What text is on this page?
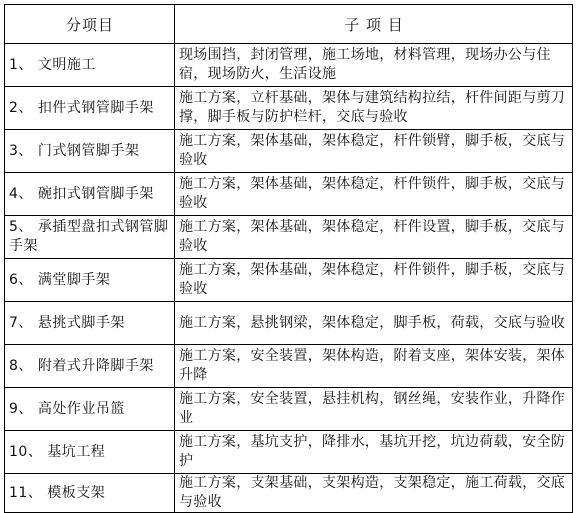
分项目	子 项 目
1、 文明施工	现场围挡，封闭管理，施工场地，材料管理，现场办公与住宿，现场防火，生活设施
2、 扣件式钢管脚手架	施工方案，立杆基础，架体与建筑结构拉结，杆件间距与剪刀撑，脚手板与防护栏杆，交底与验收
3、 门式钢管脚手架	施工方案，架体基础，架体稳定，杆件锁臂，脚手板，交底与验收
4、 碗扣式钢管脚手架	施工方案，架体基础，架体稳定，杆件锁件，脚手板，交底与验收
5、 承插型盘扣式钢管脚手架	施工方案，架体基础，架体稳定，杆件设置，脚手板，交底与验收
6、 满堂脚手架	施工方案，架体基础，架体稳定，杆件锁件，脚手板，交底与验收
7、 悬挑式脚手架	施工方案，悬挑钢梁，架体稳定，脚手板，荷载，交底与验收
8、 附着式升降脚手架	施工方案，安全装置，架体构造，附着支座，架体安装，架体升降
9、 高处作业吊篮	施工方案，安全装置，悬挂机构，钢丝绳，安装作业，升降作业
10、 基坑工程	施工方案，基坑支护，降排水，基坑开挖，坑边荷载，安全防护
11、 模板支架	施工方案，支架基础，支架构造，支架稳定，施工荷载，交底与验收
